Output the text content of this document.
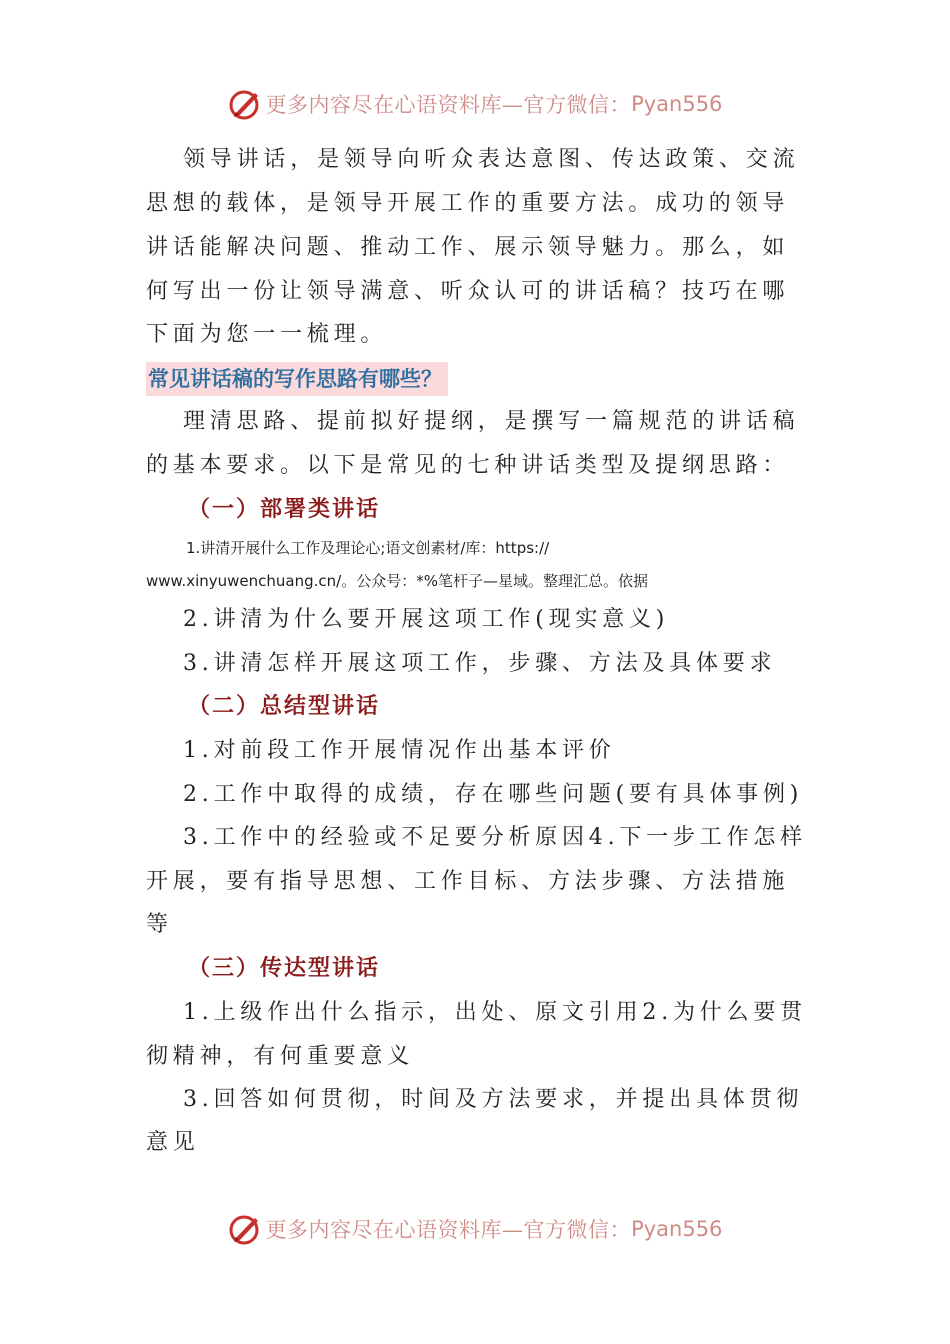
更多内容尽在心语资料库—官方微信： Pyan556
领导讲话，是领导向听众表达意图、传达政策、交流
思想的载体，是领导开展工作的重要方法。成功的领导
讲话能解决问题、推动工作、展示领导魅力。那么，如
何写出一份让领导满意、听众认可的讲话稿？技巧在哪
下面为您一一梳理。
常见讲话稿的写作思路有哪些？
理清思路、提前拟好提纲，是撰写一篇规范的讲话稿
的基本要求。以下是常见的七种讲话类型及提纲思路：
（一）部署类讲话
1.讲清开展什么工作及理论心;语文创素材/库：https://
www.xinyuwenchuang.cn/。公众号：*%笔杆子—星域。整理汇总。依据
2.讲清为什么要开展这项工作(现实意义)
3.讲清怎样开展这项工作，步骤、方法及具体要求
（二）总结型讲话
1.对前段工作开展情况作出基本评价
2.工作中取得的成绩，存在哪些问题(要有具体事例)
3.工作中的经验或不足要分析原因4.下一步工作怎样
开展，要有指导思想、工作目标、方法步骤、方法措施
等
（三）传达型讲话
1.上级作出什么指示，出处、原文引用2.为什么要贯
彻精神，有何重要意义
3.回答如何贯彻，时间及方法要求，并提出具体贯彻
意见
更多内容尽在心语资料库—官方微信： Pyan556
